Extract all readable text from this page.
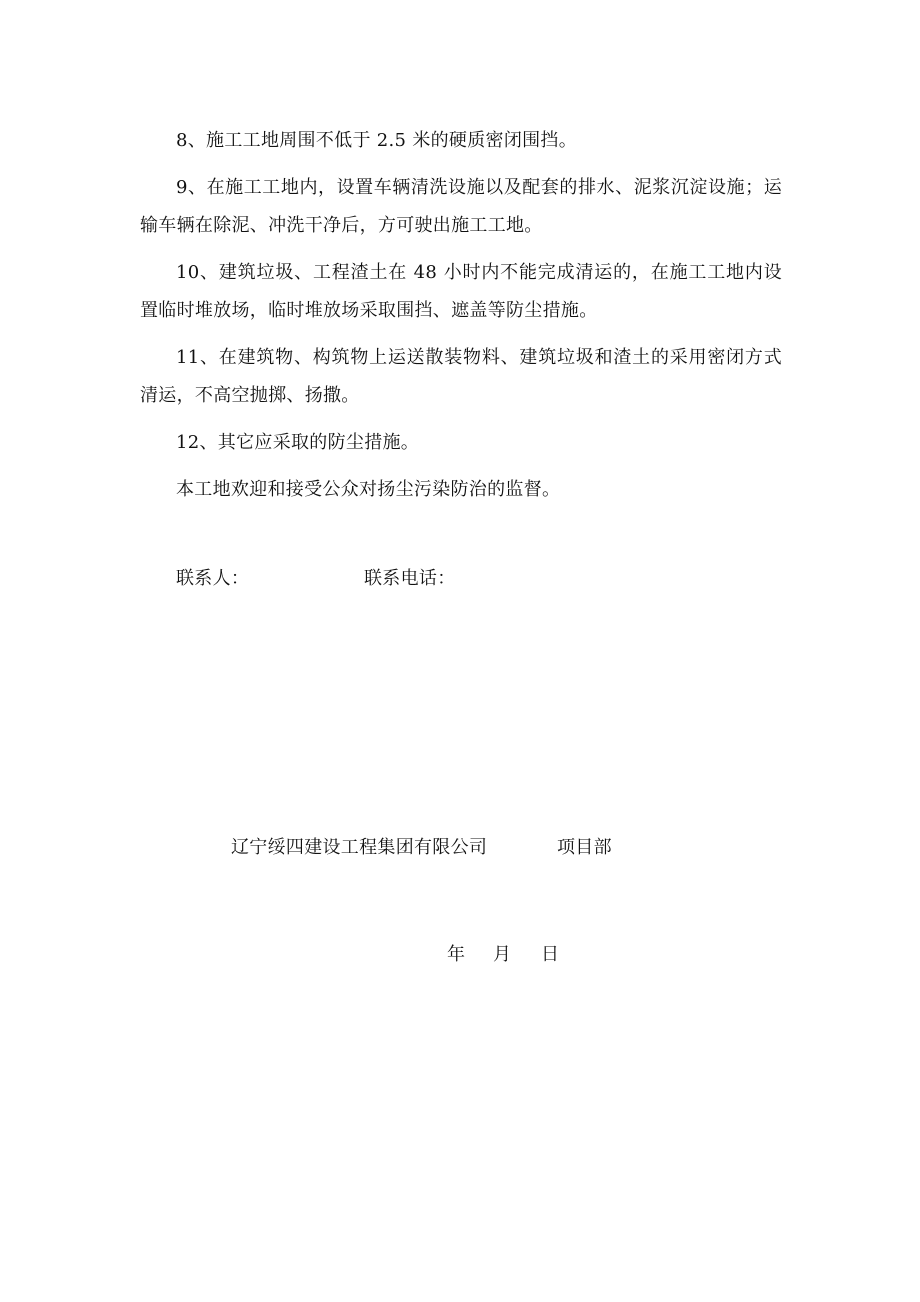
8、施工工地周围不低于 2.5 米的硬质密闭围挡。

9、在施工工地内，设置车辆清洗设施以及配套的排水、泥浆沉淀设施；运输车辆在除泥、冲洗干净后，方可驶出施工工地。

10、建筑垃圾、工程渣土在 48 小时内不能完成清运的，在施工工地内设置临时堆放场，临时堆放场采取围挡、遮盖等防尘措施。

11、在建筑物、构筑物上运送散装物料、建筑垃圾和渣土的采用密闭方式清运，不高空抛掷、扬撒。

12、其它应采取的防尘措施。

本工地欢迎和接受公众对扬尘污染防治的监督。

联系人：	联系电话：
辽宁绥四建设工程集团有限公司	项目部
年 月 日
